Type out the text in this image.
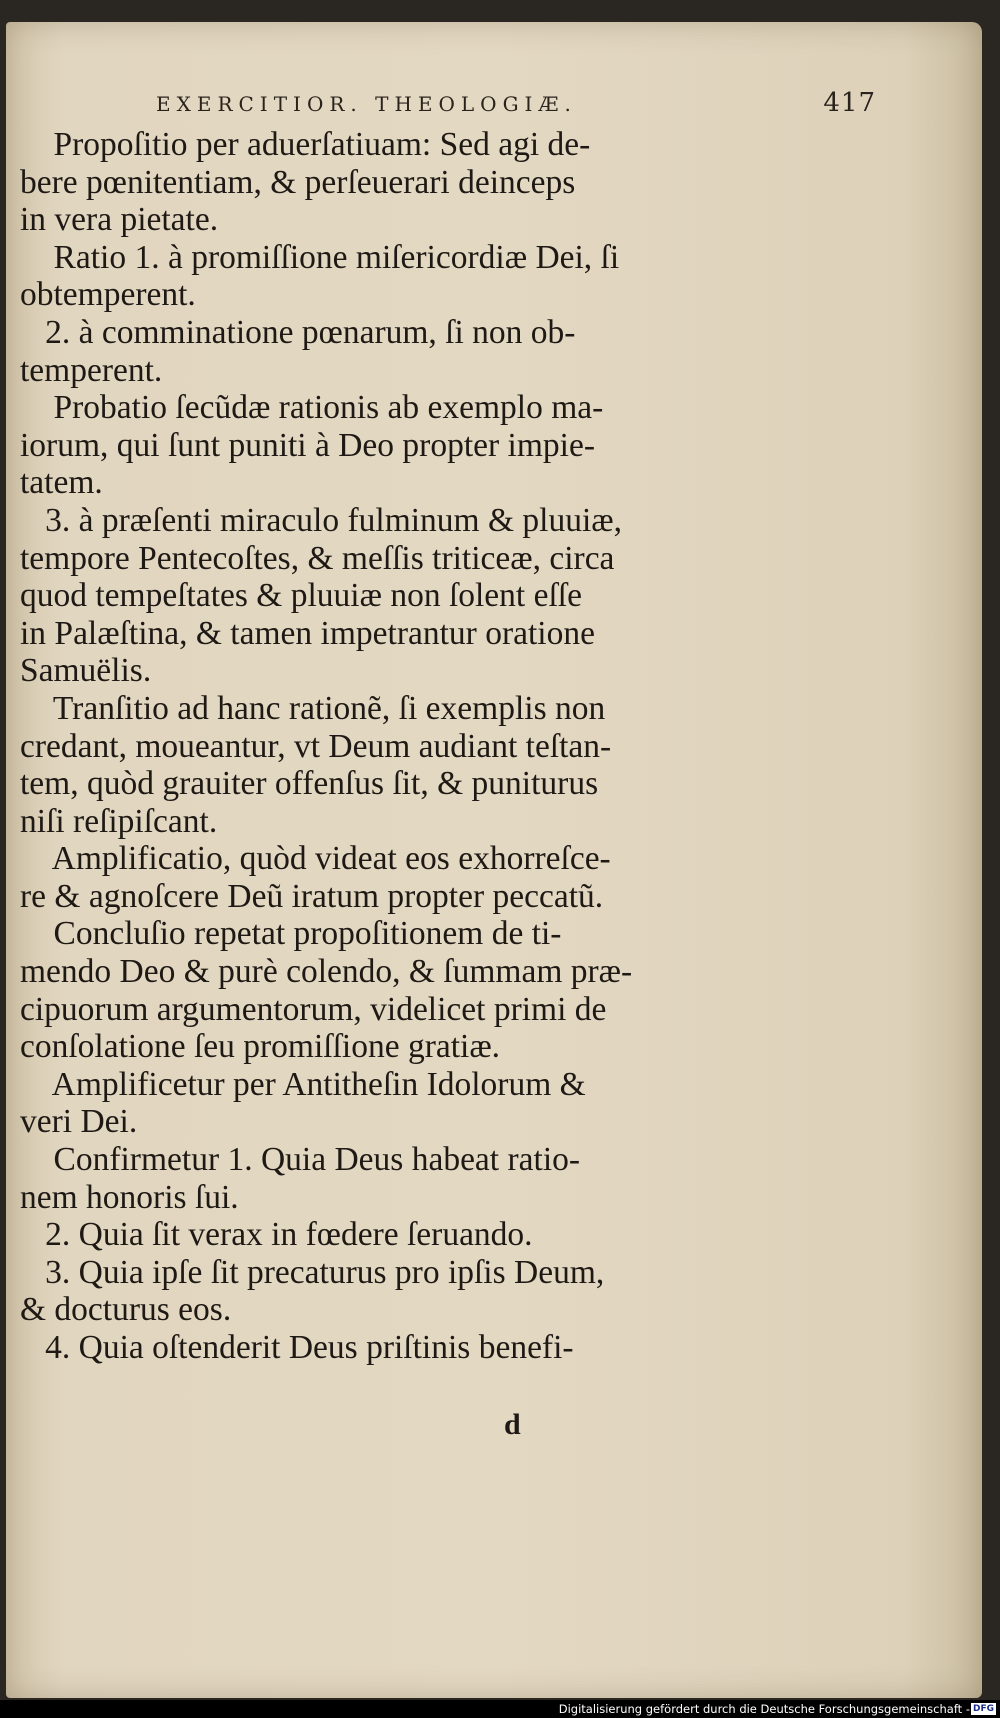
EXERCITIOR. THEOLOGIÆ.	417
Propoſitio per aduerſatiuam: Sed agi de-
bere pœnitentiam, & perſeuerari deinceps
in vera pietate.
Ratio 1. à promiſſione miſericordiæ Dei, ſi
obtemperent.
2. à comminatione pœnarum, ſi non ob-
temperent.
Probatio ſecũdæ rationis ab exemplo ma-
iorum, qui ſunt puniti à Deo propter impie-
tatem.
3. à præſenti miraculo fulminum & pluuiæ,
tempore Pentecoſtes, & meſſis triticeæ, circa
quod tempeſtates & pluuiæ non ſolent eſſe
in Palæſtina, & tamen impetrantur oratione
Samuëlis.
Tranſitio ad hanc rationẽ, ſi exemplis non
credant, moueantur, vt Deum audiant teſtan-
tem, quòd grauiter offenſus ſit, & puniturus
niſi reſipiſcant.
Amplificatio, quòd videat eos exhorreſce-
re & agnoſcere Deũ iratum propter peccatũ.
Concluſio repetat propoſitionem de ti-
mendo Deo & purè colendo, & ſummam præ-
cipuorum argumentorum, videlicet primi de
conſolatione ſeu promiſſione gratiæ.
Amplificetur per Antitheſin Idolorum &
veri Dei.
Confirmetur 1. Quia Deus habeat ratio-
nem honoris ſui.
2. Quia ſit verax in fœdere ſeruando.
3. Quia ipſe ſit precaturus pro ipſis Deum,
& docturus eos.
4. Quia oſtenderit Deus priſtinis benefi-
d
Digitalisierung gefördert durch die Deutsche Forschungsgemeinschaft - DFG
